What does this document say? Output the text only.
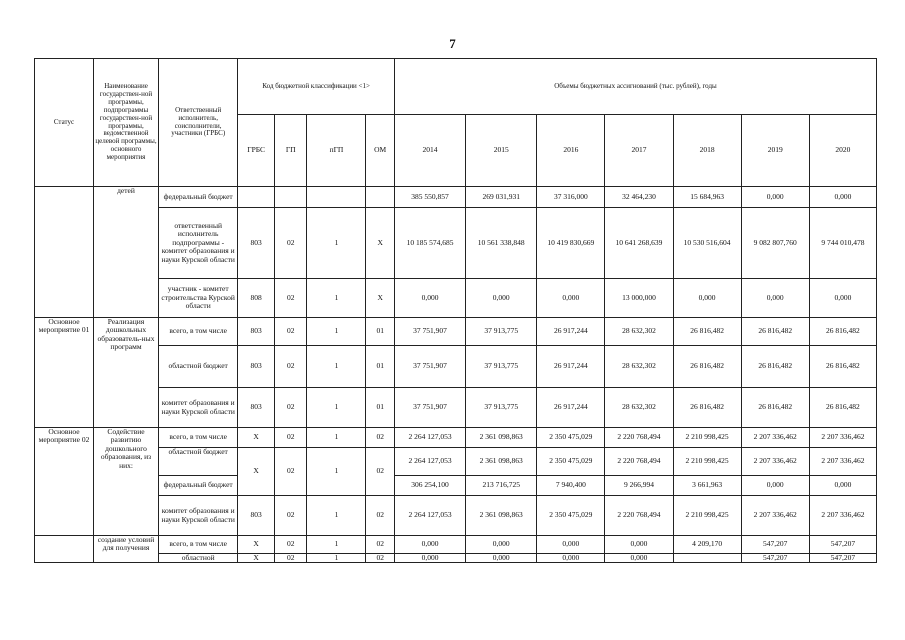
7
Статус	Наименование государствен-ной программы, подпрограммы государствен-ной программы, ведомственной целевой программы, основного мероприятия	Ответственный исполнитель, соисполнители, участники (ГРБС)	Код бюджетной классификации <1>				Объемы бюджетных ассигнований (тыс. рублей), годы						
			ГРБС	ГП	пГП	ОМ	2014	2015	2016	2017	2018	2019	2020
	детей	федеральный бюджет					385 550,857	269 031,931	37 316,000	32 464,230	15 684,963	0,000	0,000
		ответственный исполнитель подпрограммы - комитет образования и науки Курской области	803	02	1	Х	10 185 574,685	10 561 338,848	10 419 830,669	10 641 268,639	10 530 516,604	9 082 807,760	9 744 010,478
		участник - комитет строительства Курской области	808	02	1	Х	0,000	0,000	0,000	13 000,000	0,000	0,000	0,000
Основное мероприятие 01	Реализация дошкольных образователь-ных программ	всего, в том числе	803	02	1	01	37 751,907	37 913,775	26 917,244	28 632,302	26 816,482	26 816,482	26 816,482
		областной бюджет	803	02	1	01	37 751,907	37 913,775	26 917,244	28 632,302	26 816,482	26 816,482	26 816,482
		комитет образования и науки Курской области	803	02	1	01	37 751,907	37 913,775	26 917,244	28 632,302	26 816,482	26 816,482	26 816,482
Основное мероприятие 02	Содействие развитию дошкольного образования, из них:	всего, в том числе	Х	02	1	02	2 264 127,053	2 361 098,863	2 350 475,029	2 220 768,494	2 210 998,425	2 207 336,462	2 207 336,462
		областной бюджет	Х	02	1	02	2 264 127,053	2 361 098,863	2 350 475,029	2 220 768,494	2 210 998,425	2 207 336,462	2 207 336,462
		федеральный бюджет					306 254,100	213 716,725	7 940,400	9 266,994	3 661,963	0,000	0,000
		комитет образования и науки Курской области	803	02	1	02	2 264 127,053	2 361 098,863	2 350 475,029	2 220 768,494	2 210 998,425	2 207 336,462	2 207 336,462
	создание условий для получения	всего, в том числе	Х	02	1	02	0,000	0,000	0,000	0,000	4 209,170	547,207	547,207
		областной	Х	02	1	02	0,000	0,000	0,000	0,000		547,207	547,207
